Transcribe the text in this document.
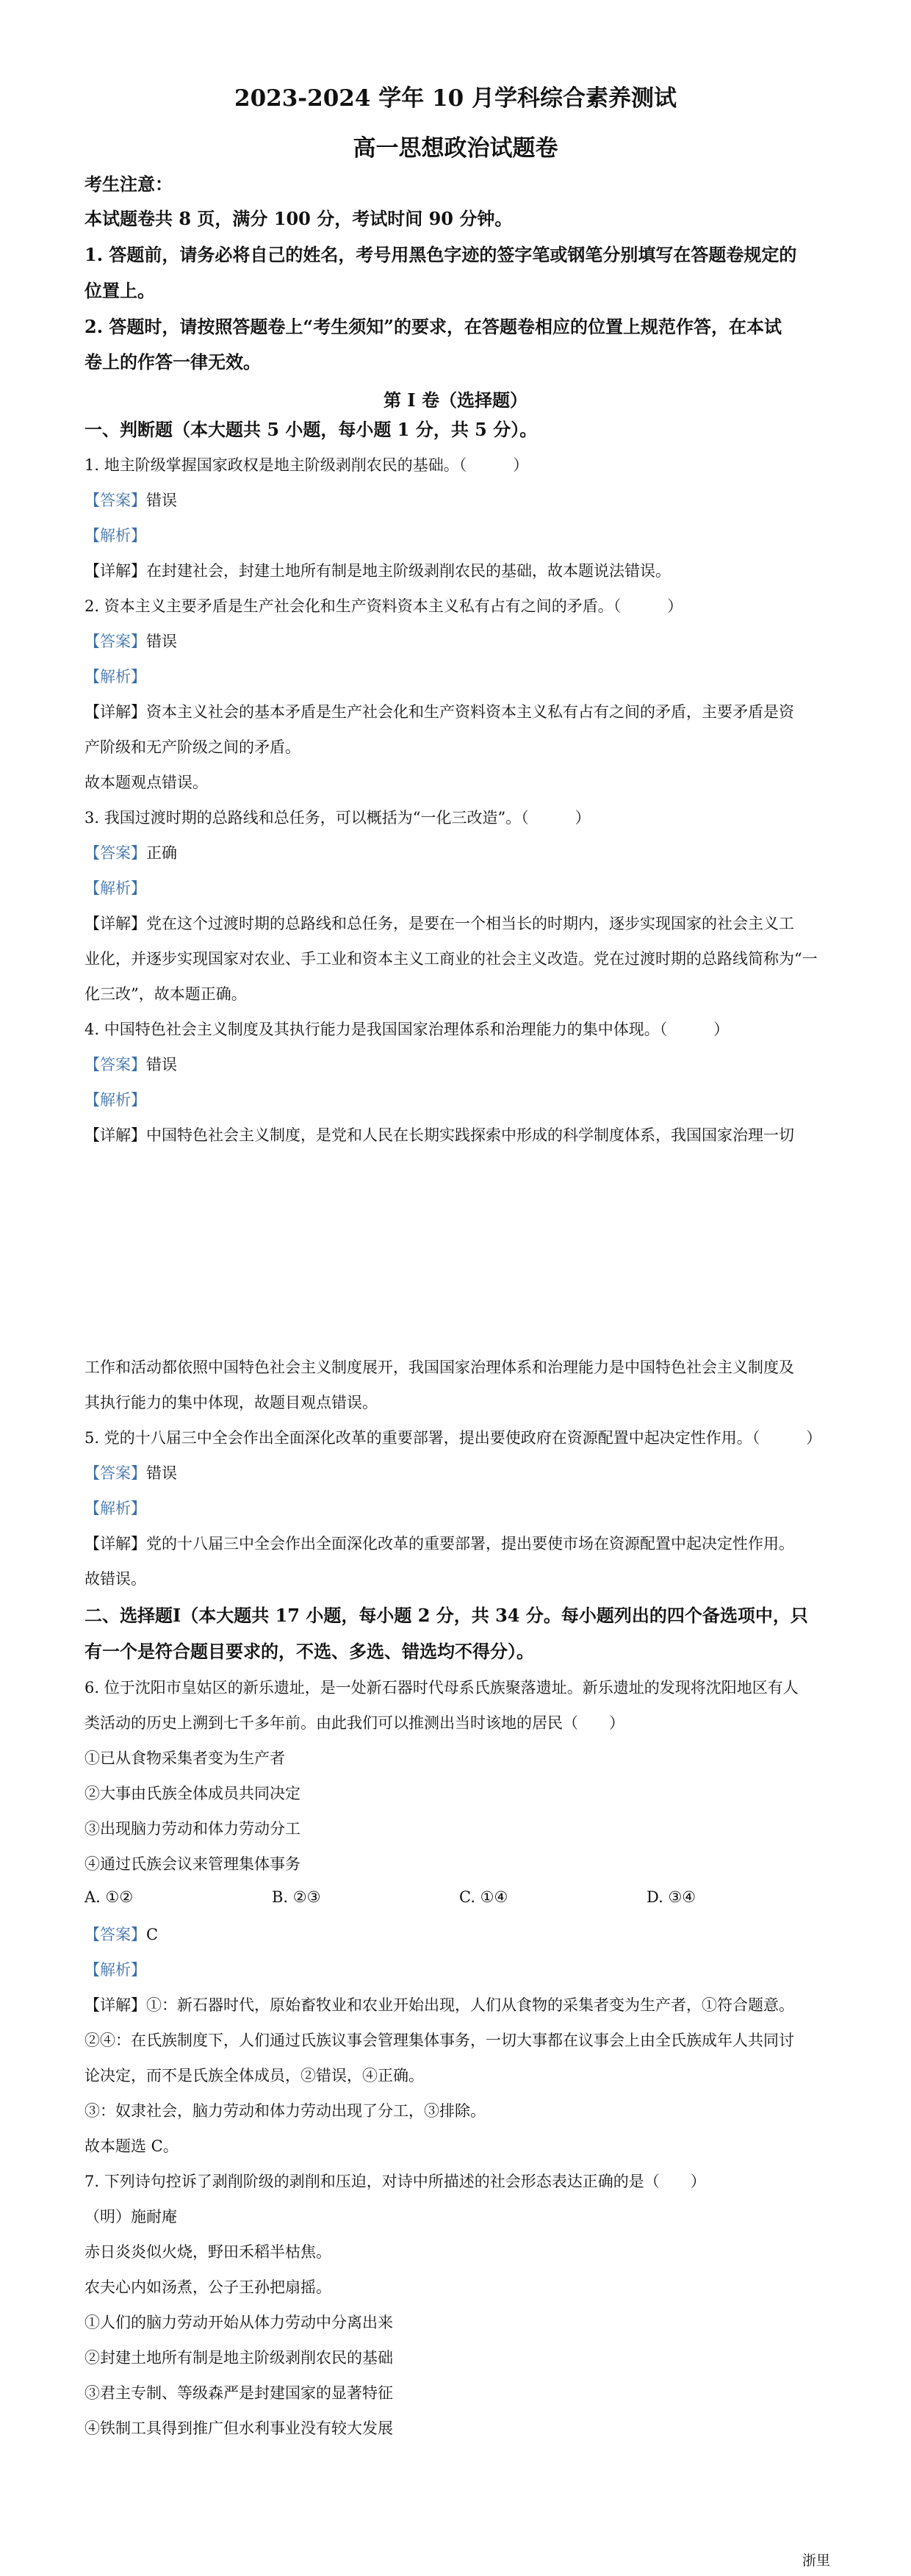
2023-2024 学年 10 月学科综合素养测试
高一思想政治试题卷
考生注意：
本试题卷共 8 页，满分 100 分，考试时间 90 分钟。
1. 答题前，请务必将自己的姓名，考号用黑色字迹的签字笔或钢笔分别填写在答题卷规定的
位置上。
2. 答题时，请按照答题卷上“考生须知”的要求，在答题卷相应的位置上规范作答，在本试
卷上的作答一律无效。
第 I 卷（选择题）
一、判断题（本大题共 5 小题，每小题 1 分，共 5 分）。
1. 地主阶级掌握国家政权是地主阶级剥削农民的基础。（　　　）
【答案】错误
【解析】
【详解】在封建社会，封建土地所有制是地主阶级剥削农民的基础，故本题说法错误。
2. 资本主义主要矛盾是生产社会化和生产资料资本主义私有占有之间的矛盾。（　　　）
【答案】错误
【解析】
【详解】资本主义社会的基本矛盾是生产社会化和生产资料资本主义私有占有之间的矛盾，主要矛盾是资
产阶级和无产阶级之间的矛盾。
故本题观点错误。
3. 我国过渡时期的总路线和总任务，可以概括为“一化三改造”。（　　　）
【答案】正确
【解析】
【详解】党在这个过渡时期的总路线和总任务，是要在一个相当长的时期内，逐步实现国家的社会主义工
业化，并逐步实现国家对农业、手工业和资本主义工商业的社会主义改造。党在过渡时期的总路线简称为“一
化三改”，故本题正确。
4. 中国特色社会主义制度及其执行能力是我国国家治理体系和治理能力的集中体现。（　　　）
【答案】错误
【解析】
【详解】中国特色社会主义制度，是党和人民在长期实践探索中形成的科学制度体系，我国国家治理一切
工作和活动都依照中国特色社会主义制度展开，我国国家治理体系和治理能力是中国特色社会主义制度及
其执行能力的集中体现，故题目观点错误。
5. 党的十八届三中全会作出全面深化改革的重要部署，提出要使政府在资源配置中起决定性作用。（　　　）
【答案】错误
【解析】
【详解】党的十八届三中全会作出全面深化改革的重要部署，提出要使市场在资源配置中起决定性作用。
故错误。
二、选择题Ⅰ（本大题共 17 小题，每小题 2 分，共 34 分。每小题列出的四个备选项中，只
有一个是符合题目要求的，不选、多选、错选均不得分）。
6. 位于沈阳市皇姑区的新乐遗址，是一处新石器时代母系氏族聚落遗址。新乐遗址的发现将沈阳地区有人
类活动的历史上溯到七千多年前。由此我们可以推测出当时该地的居民（　　）
①已从食物采集者变为生产者
②大事由氏族全体成员共同决定
③出现脑力劳动和体力劳动分工
④通过氏族会议来管理集体事务
A. ①②	B. ②③	C. ①④	D. ③④
【答案】C
【解析】
【详解】①：新石器时代，原始畜牧业和农业开始出现，人们从食物的采集者变为生产者，①符合题意。
②④：在氏族制度下，人们通过氏族议事会管理集体事务，一切大事都在议事会上由全氏族成年人共同讨
论决定，而不是氏族全体成员，②错误，④正确。
③：奴隶社会，脑力劳动和体力劳动出现了分工，③排除。
故本题选 C。
7. 下列诗句控诉了剥削阶级的剥削和压迫，对诗中所描述的社会形态表达正确的是（　　）
（明）施耐庵
赤日炎炎似火烧，野田禾稻半枯焦。
农夫心内如汤煮，公子王孙把扇摇。
①人们的脑力劳动开始从体力劳动中分离出来
②封建土地所有制是地主阶级剥削农民的基础
③君主专制、等级森严是封建国家的显著特征
④铁制工具得到推广但水利事业没有较大发展
浙里
